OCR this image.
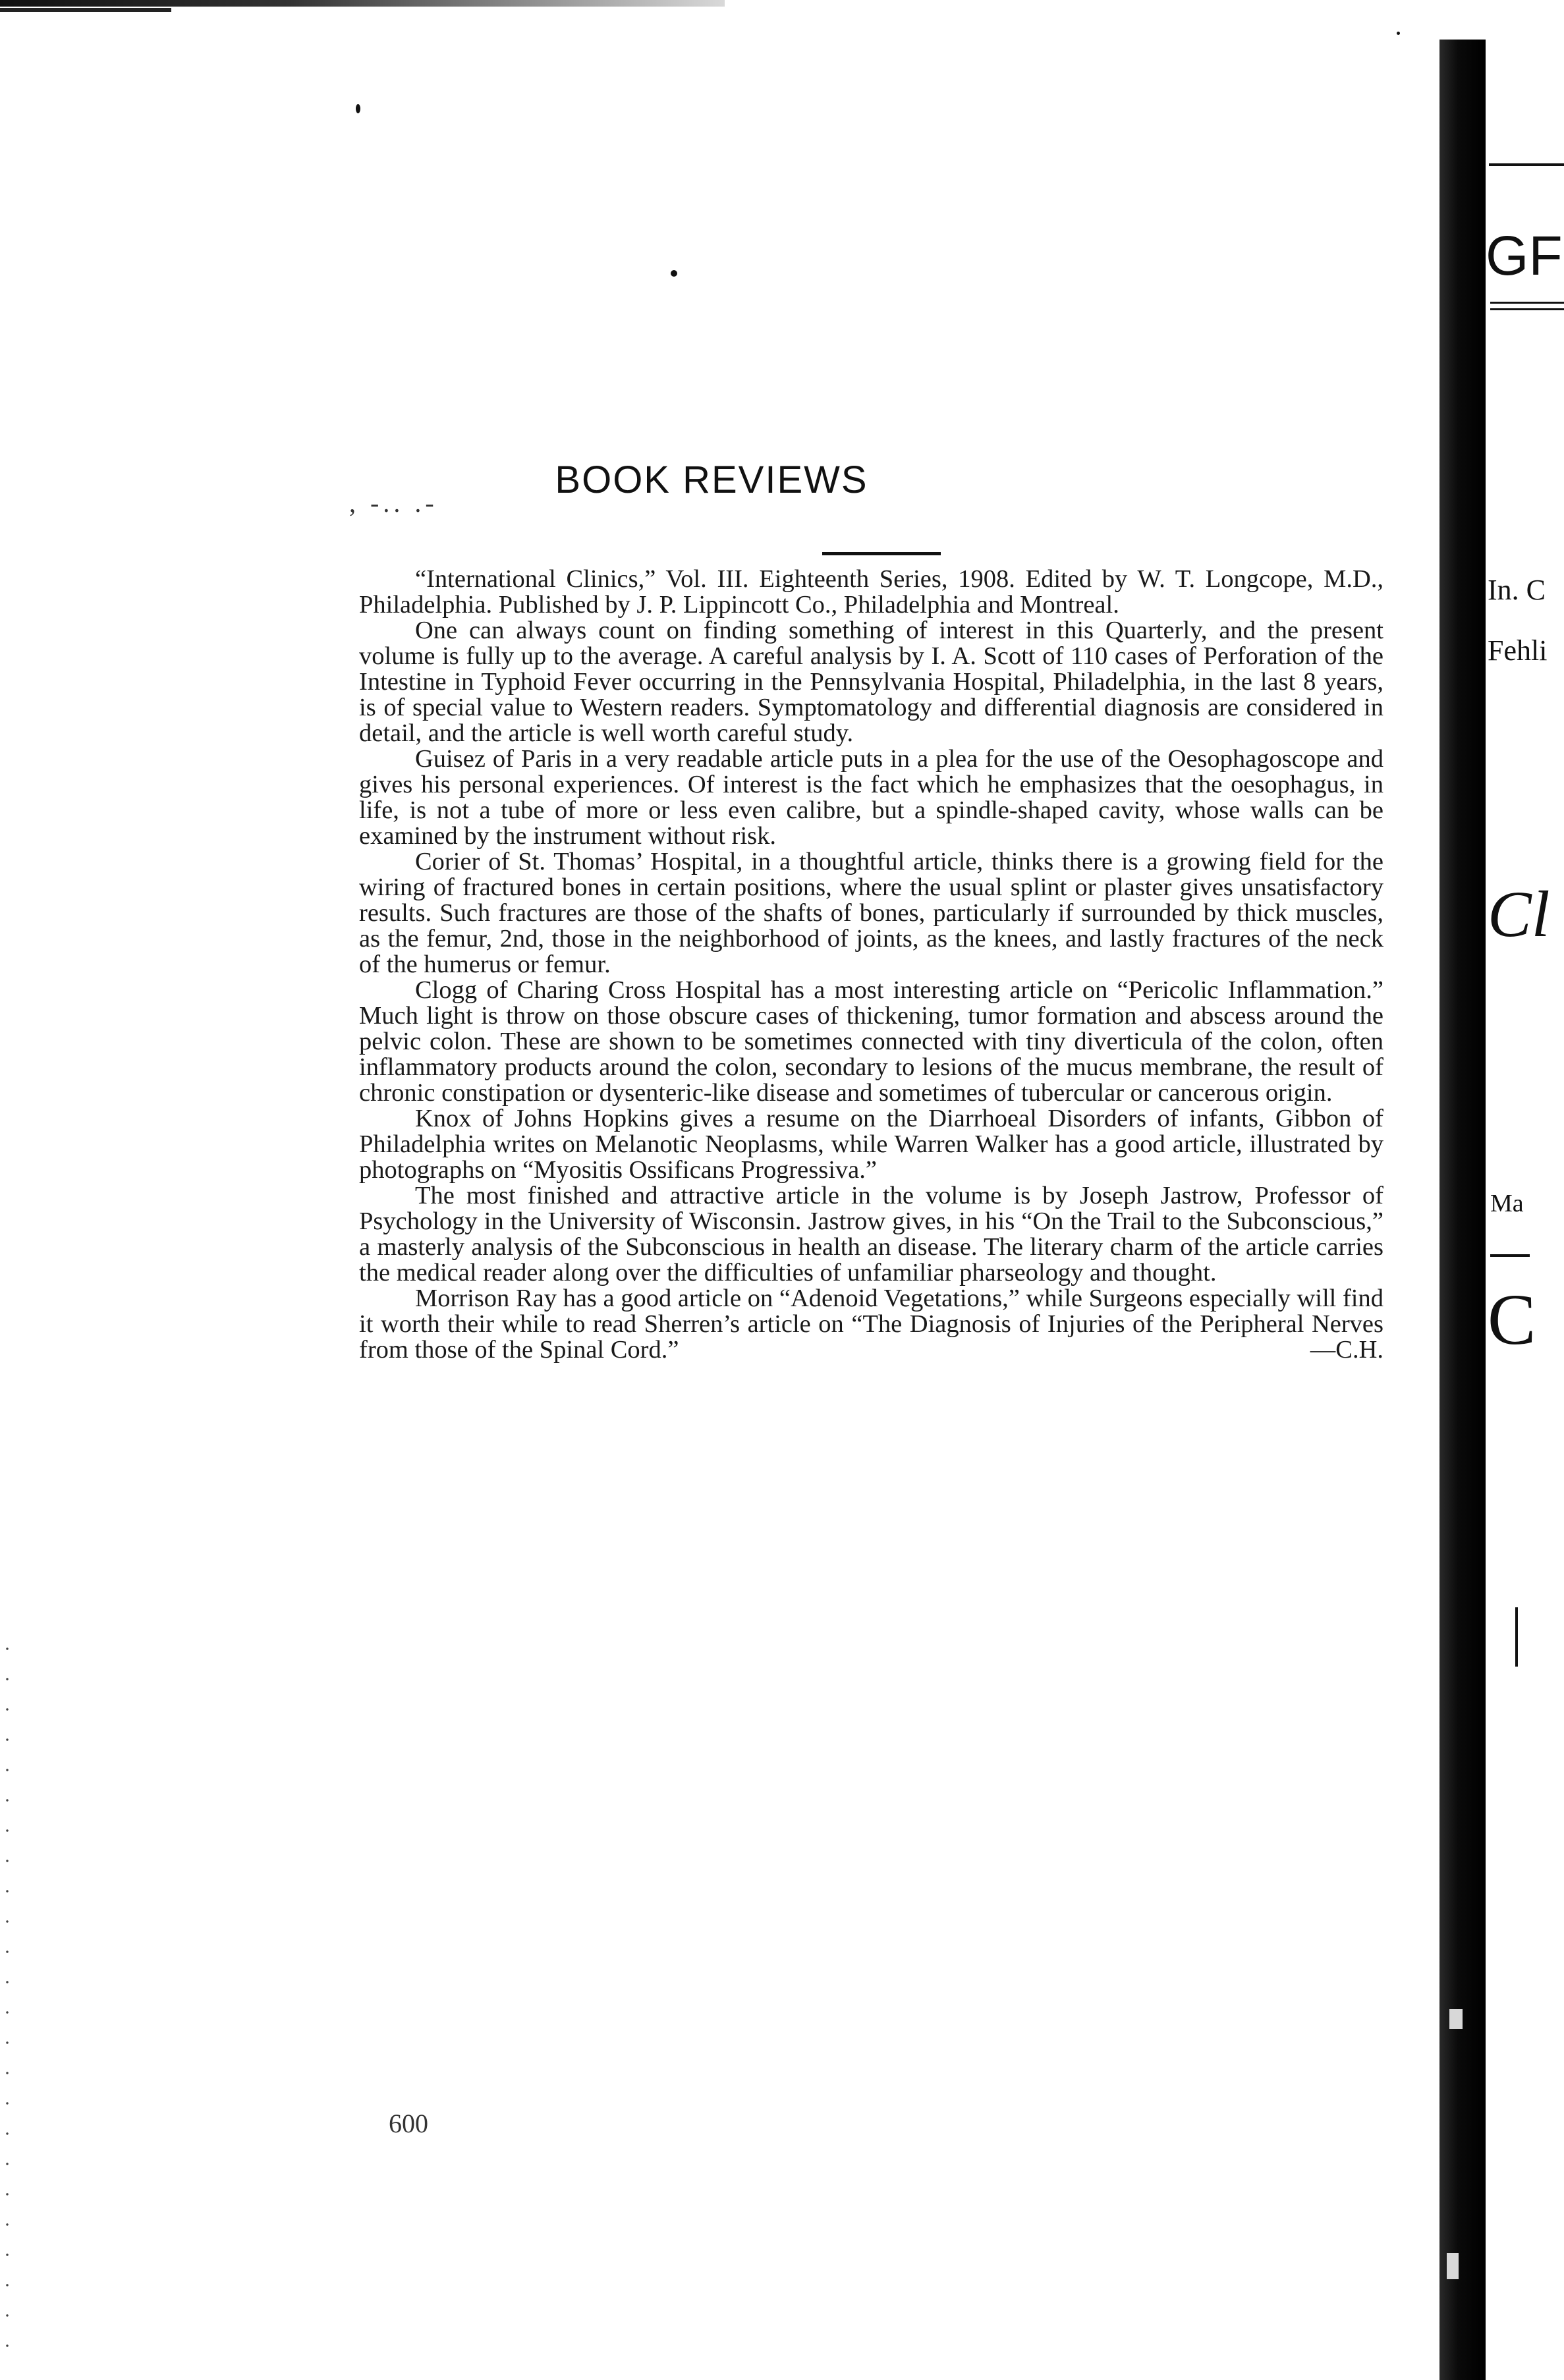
, -.. .-
BOOK REVIEWS

“International Clinics,” Vol. III. Eighteenth Series, 1908. Edited by W. T. Longcope, M.D., Philadelphia. Published by J. P. Lippincott Co., Philadelphia and Montreal.

One can always count on finding something of interest in this Quarterly, and the present volume is fully up to the average. A careful analysis by I. A. Scott of 110 cases of Perforation of the Intestine in Typhoid Fever occurring in the Pennsylvania Hospital, Philadelphia, in the last 8 years, is of special value to Western readers. Symptomatology and differential diagnosis are considered in detail, and the article is well worth careful study.

Guisez of Paris in a very readable article puts in a plea for the use of the Oesophagoscope and gives his personal experiences. Of interest is the fact which he emphasizes that the oesophagus, in life, is not a tube of more or less even calibre, but a spindle-shaped cavity, whose walls can be examined by the instrument without risk.

Corier of St. Thomas’ Hospital, in a thoughtful article, thinks there is a growing field for the wiring of fractured bones in certain positions, where the usual splint or plaster gives unsatisfactory results. Such fractures are those of the shafts of bones, particularly if surrounded by thick muscles, as the femur, 2nd, those in the neighborhood of joints, as the knees, and lastly fractures of the neck of the humerus or femur.

Clogg of Charing Cross Hospital has a most interesting article on “Pericolic Inflammation.” Much light is throw on those obscure cases of thickening, tumor formation and abscess around the pelvic colon. These are shown to be sometimes connected with tiny diverticula of the colon, often inflammatory products around the colon, secondary to lesions of the mucus membrane, the result of chronic constipation or dysenteric-like disease and sometimes of tubercular or cancerous origin.

Knox of Johns Hopkins gives a resume on the Diarrhoeal Disorders of infants, Gibbon of Philadelphia writes on Melanotic Neoplasms, while Warren Walker has a good article, illustrated by photographs on “Myositis Ossificans Progressiva.”

The most finished and attractive article in the volume is by Joseph Jastrow, Professor of Psychology in the University of Wisconsin. Jastrow gives, in his “On the Trail to the Subconscious,” a masterly analysis of the Subconscious in health an disease. The literary charm of the article carries the medical reader along over the difficulties of unfamiliar pharseology and thought.

Morrison Ray has a good article on “Adenoid Vegetations,” while Surgeons especially will find it worth their while to read Sherren’s article on “The Diagnosis of Injuries of the Peripheral Nerves from those of the Spinal Cord.”	—C.H.

600
GF
In. C
Fehli
Cl
Ma
C
